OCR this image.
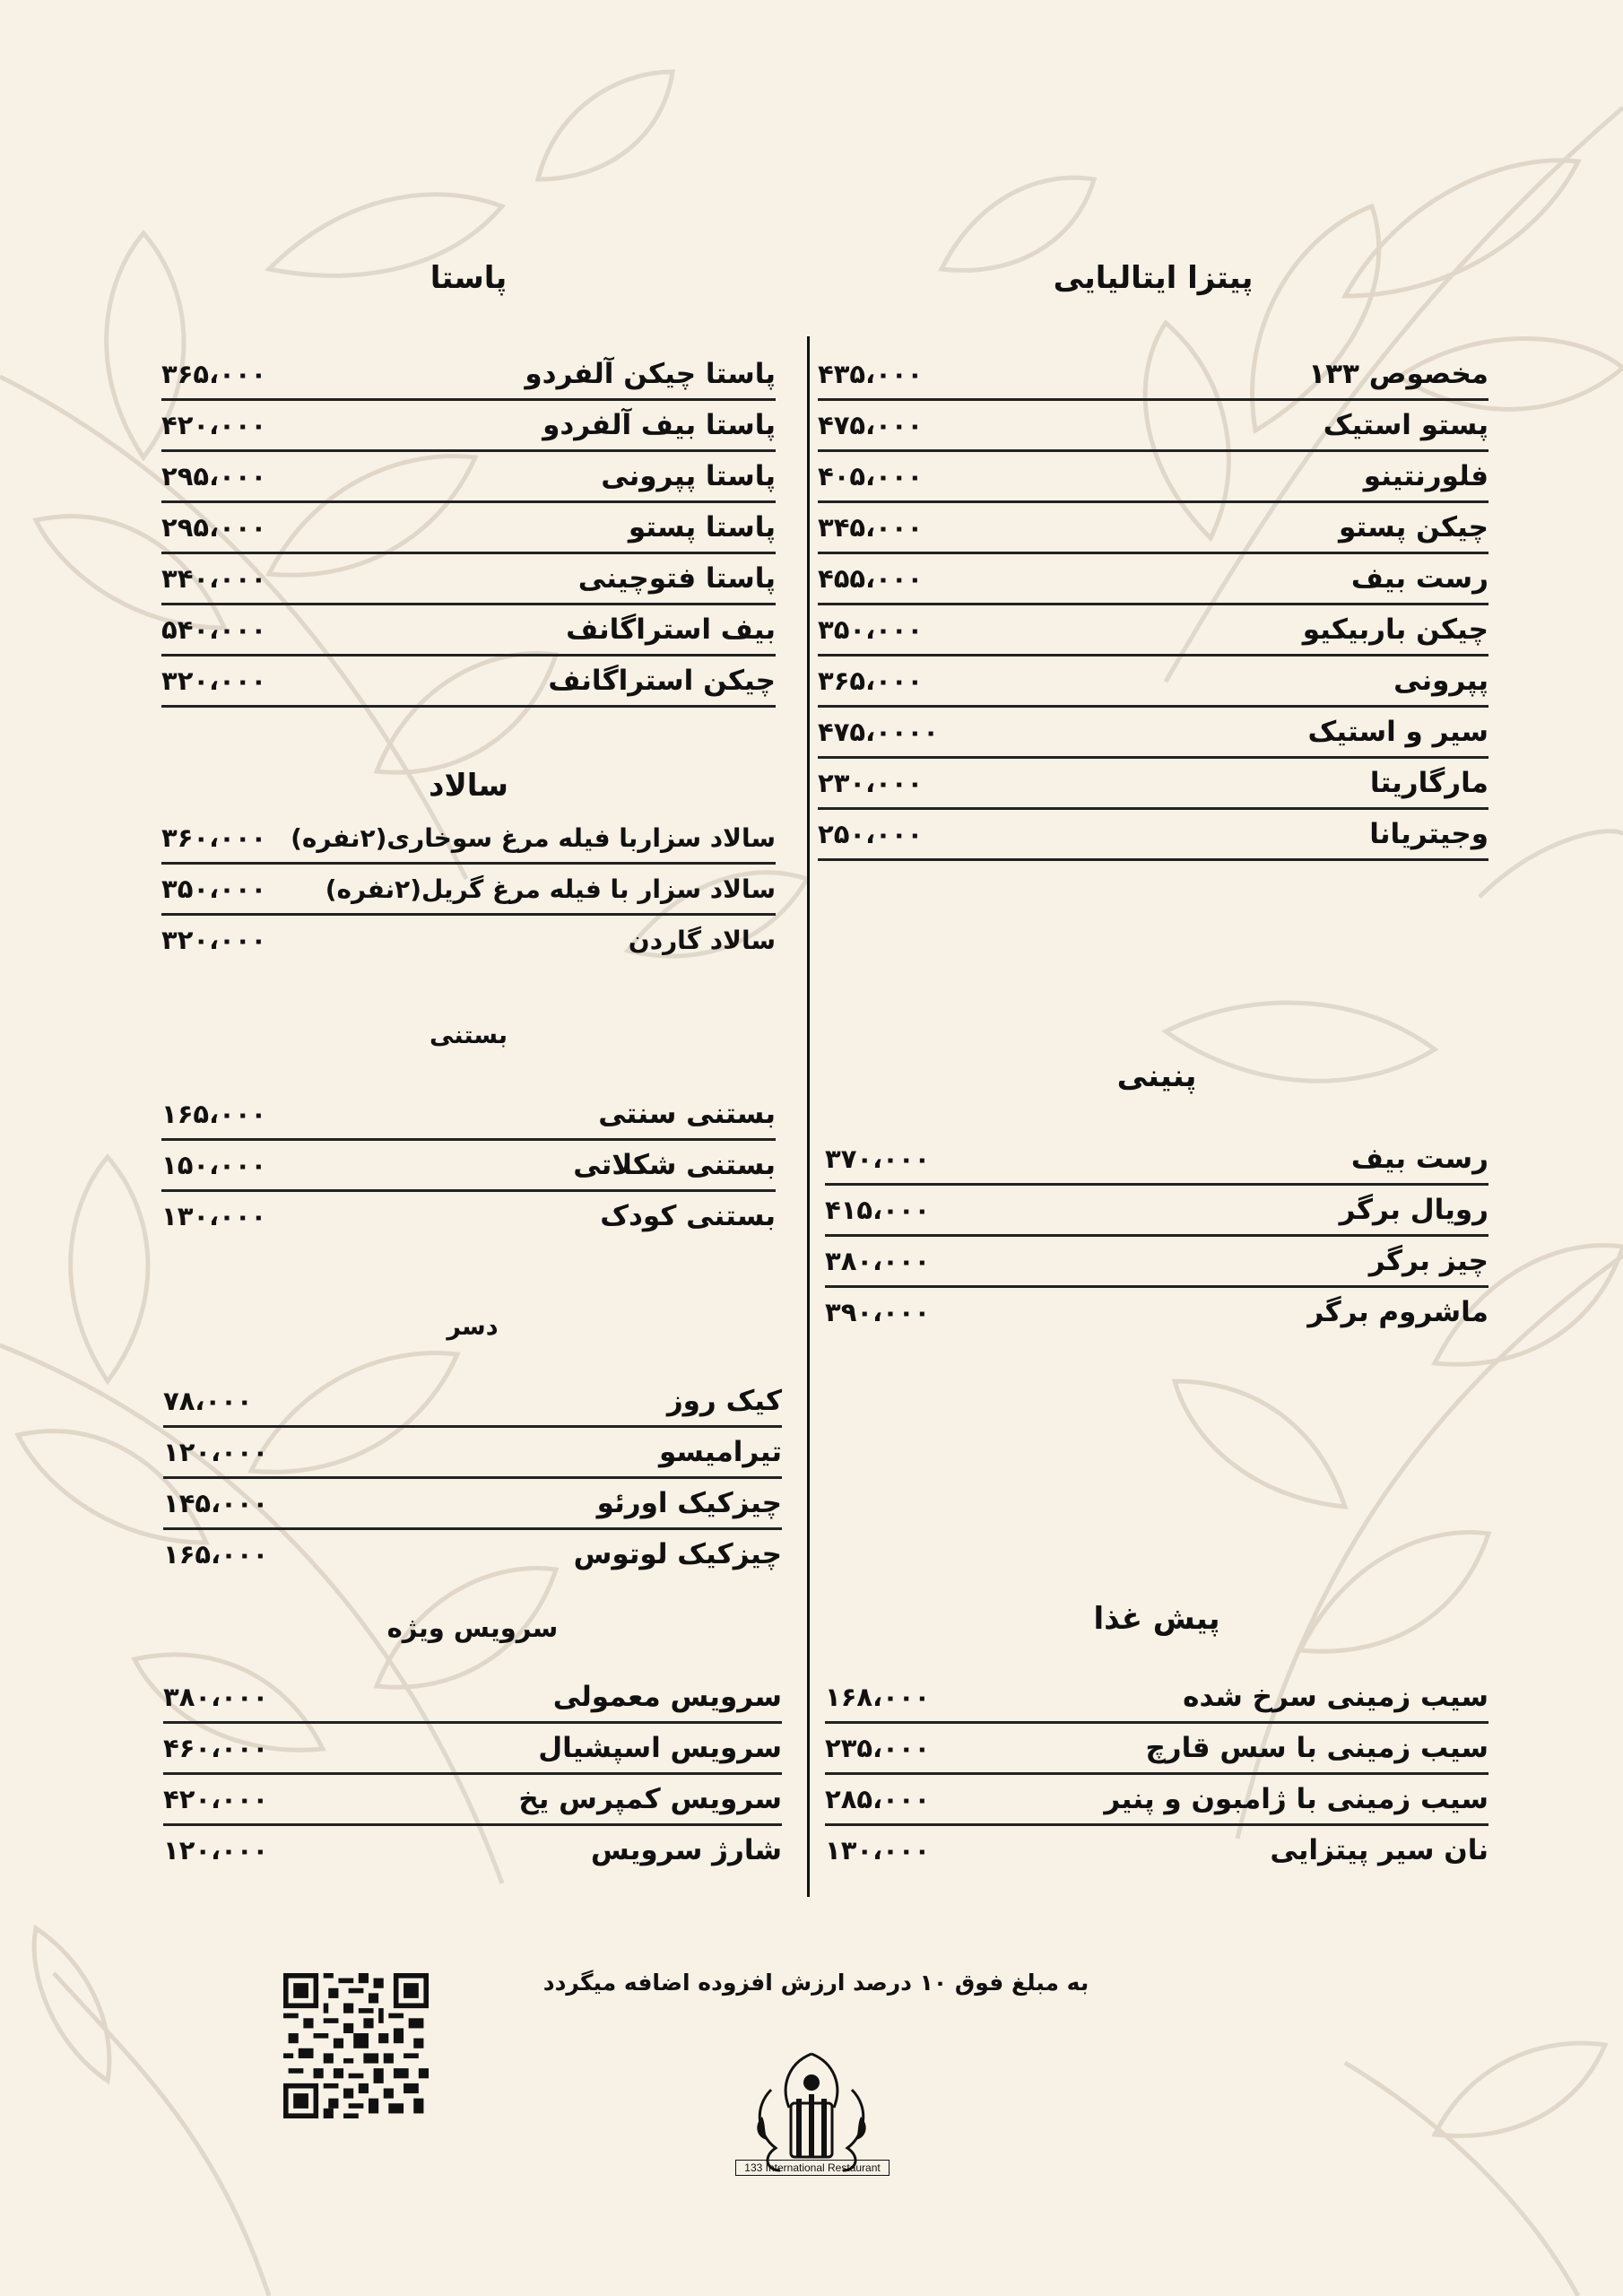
پیتزا ایتالیایی
مخصوص ۱۳۳
۴۳۵،۰۰۰
پستو استیک
۴۷۵،۰۰۰
فلورنتینو
۴۰۵،۰۰۰
چیکن پستو
۳۴۵،۰۰۰
رست بیف
۴۵۵،۰۰۰
چیکن باربیکیو
۳۵۰،۰۰۰
پپرونی
۳۶۵،۰۰۰
سیر و استیک
۴۷۵،۰۰۰۰
مارگاریتا
۲۳۰،۰۰۰
وجیتریانا
۲۵۰،۰۰۰
پاستا
پاستا چیکن آلفردو
۳۶۵،۰۰۰
پاستا بیف آلفردو
۴۲۰،۰۰۰
پاستا پپرونی
۲۹۵،۰۰۰
پاستا پستو
۲۹۵،۰۰۰
پاستا فتوچینی
۳۴۰،۰۰۰
بیف استراگانف
۵۴۰،۰۰۰
چیکن استراگانف
۳۲۰،۰۰۰
سالاد
سالاد سزاربا فیله مرغ سوخاری(۲نفره)
۳۶۰،۰۰۰
سالاد سزار با فیله مرغ گریل(۲نفره)
۳۵۰،۰۰۰
سالاد گاردن
۳۲۰،۰۰۰
بستنی
بستنی سنتی
۱۶۵،۰۰۰
بستنی شکلاتی
۱۵۰،۰۰۰
بستنی کودک
۱۳۰،۰۰۰
دسر
کیک روز
۷۸،۰۰۰
تیرامیسو
۱۲۰،۰۰۰
چیزکیک اورئو
۱۴۵،۰۰۰
چیزکیک لوتوس
۱۶۵،۰۰۰
پنینی
رست بیف
۳۷۰،۰۰۰
رویال برگر
۴۱۵،۰۰۰
چیز برگر
۳۸۰،۰۰۰
ماشروم برگر
۳۹۰،۰۰۰
سرویس ویژه
سرویس معمولی
۳۸۰،۰۰۰
سرویس اسپشیال
۴۶۰،۰۰۰
سرویس کمپرس یخ
۴۲۰،۰۰۰
شارژ سرویس
۱۲۰،۰۰۰
پیش غذا
سیب زمینی سرخ شده
۱۶۸،۰۰۰
سیب زمینی با سس قارچ
۲۳۵،۰۰۰
سیب زمینی با ژامبون و پنیر
۲۸۵،۰۰۰
نان سیر پیتزایی
۱۳۰،۰۰۰
به مبلغ فوق ۱۰ درصد ارزش افزوده اضافه میگردد
133 International Restaurant
